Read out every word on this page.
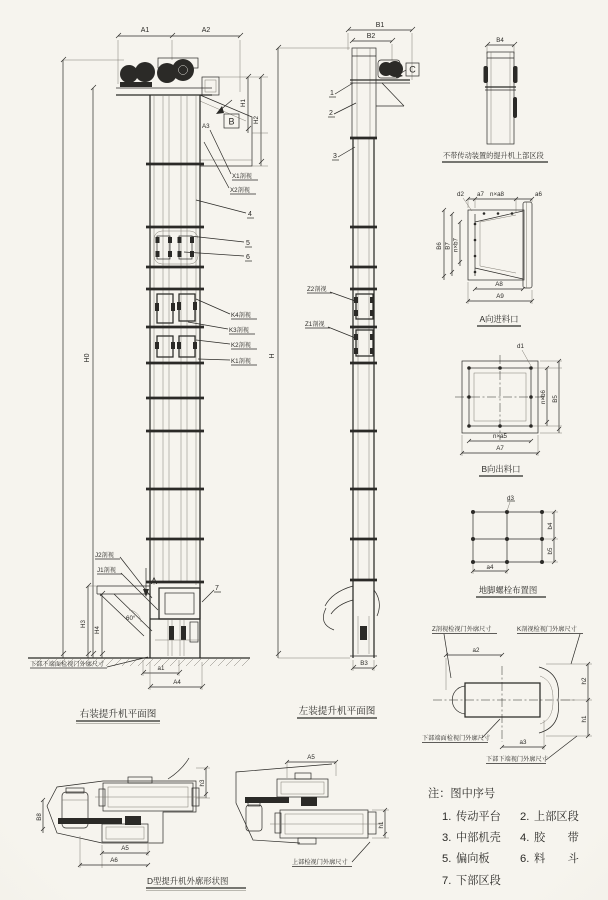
H0
A1	A2
B
A3
H1
H2
X1剖视
X2剖视
4
5
6
K4剖视
K3剖视
K2剖视
K1剖视
60°
J2剖视
J1剖视
A
7
H3
H4
a1
A4
下部下端面检视门外廓尺寸
右装提升机平面图
B1
B2
C
1
2
3
Z2剖视
Z1剖视
B3
H
左装提升机平面图
B4
不带传动装置的提升机上部区段
d2 a7 n×a8	a6
B6 B7 n×b7
A8
A9
A向进料口
d1
n×b6 B5
n×a5
A7
B向出料口
d3
b4
b5
a4
地脚螺栓布置图
Z剖视检视门外廓尺寸	K剖视检视门外廓尺寸
a2
h2
h1
a3
下部端面检视门外廓尺寸
下部下端视门外廓尺寸
h3
B8
A5
A6
A5
h1
上部检视门外廓尺寸
D型提升机外廓形状图
注：图中序号
1. 传动平台 2. 上部区段
3. 中部机壳 4. 胶　　带
5. 偏向板	6. 料　　斗
7. 下部区段
